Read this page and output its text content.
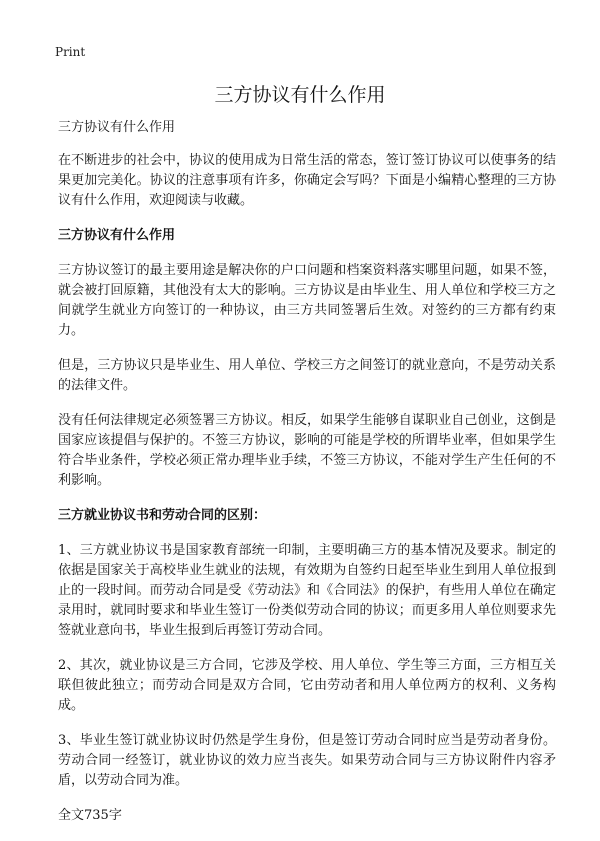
Print
三方协议有什么作用

三方协议有什么作用

在不断进步的社会中，协议的使用成为日常生活的常态，签订签订协议可以使事务的结果更加完美化。协议的注意事项有许多，你确定会写吗？下面是小编精心整理的三方协议有什么作用，欢迎阅读与收藏。

三方协议有什么作用

三方协议签订的最主要用途是解决你的户口问题和档案资料落实哪里问题，如果不签，就会被打回原籍，其他没有太大的影响。三方协议是由毕业生、用人单位和学校三方之间就学生就业方向签订的一种协议，由三方共同签署后生效。对签约的三方都有约束力。

但是，三方协议只是毕业生、用人单位、学校三方之间签订的就业意向，不是劳动关系的法律文件。

没有任何法律规定必须签署三方协议。相反，如果学生能够自谋职业自己创业，这倒是国家应该提倡与保护的。不签三方协议，影响的可能是学校的所谓毕业率，但如果学生符合毕业条件，学校必须正常办理毕业手续，不签三方协议，不能对学生产生任何的不利影响。

三方就业协议书和劳动合同的区别：

1、三方就业协议书是国家教育部统一印制，主要明确三方的基本情况及要求。制定的依据是国家关于高校毕业生就业的法规，有效期为自签约日起至毕业生到用人单位报到止的一段时间。而劳动合同是受《劳动法》和《合同法》的保护，有些用人单位在确定录用时，就同时要求和毕业生签订一份类似劳动合同的协议；而更多用人单位则要求先签就业意向书，毕业生报到后再签订劳动合同。

2、其次，就业协议是三方合同，它涉及学校、用人单位、学生等三方面，三方相互关联但彼此独立；而劳动合同是双方合同，它由劳动者和用人单位两方的权利、义务构成。

3、毕业生签订就业协议时仍然是学生身份，但是签订劳动合同时应当是劳动者身份。劳动合同一经签订，就业协议的效力应当丧失。如果劳动合同与三方协议附件内容矛盾，以劳动合同为准。

全文735字
